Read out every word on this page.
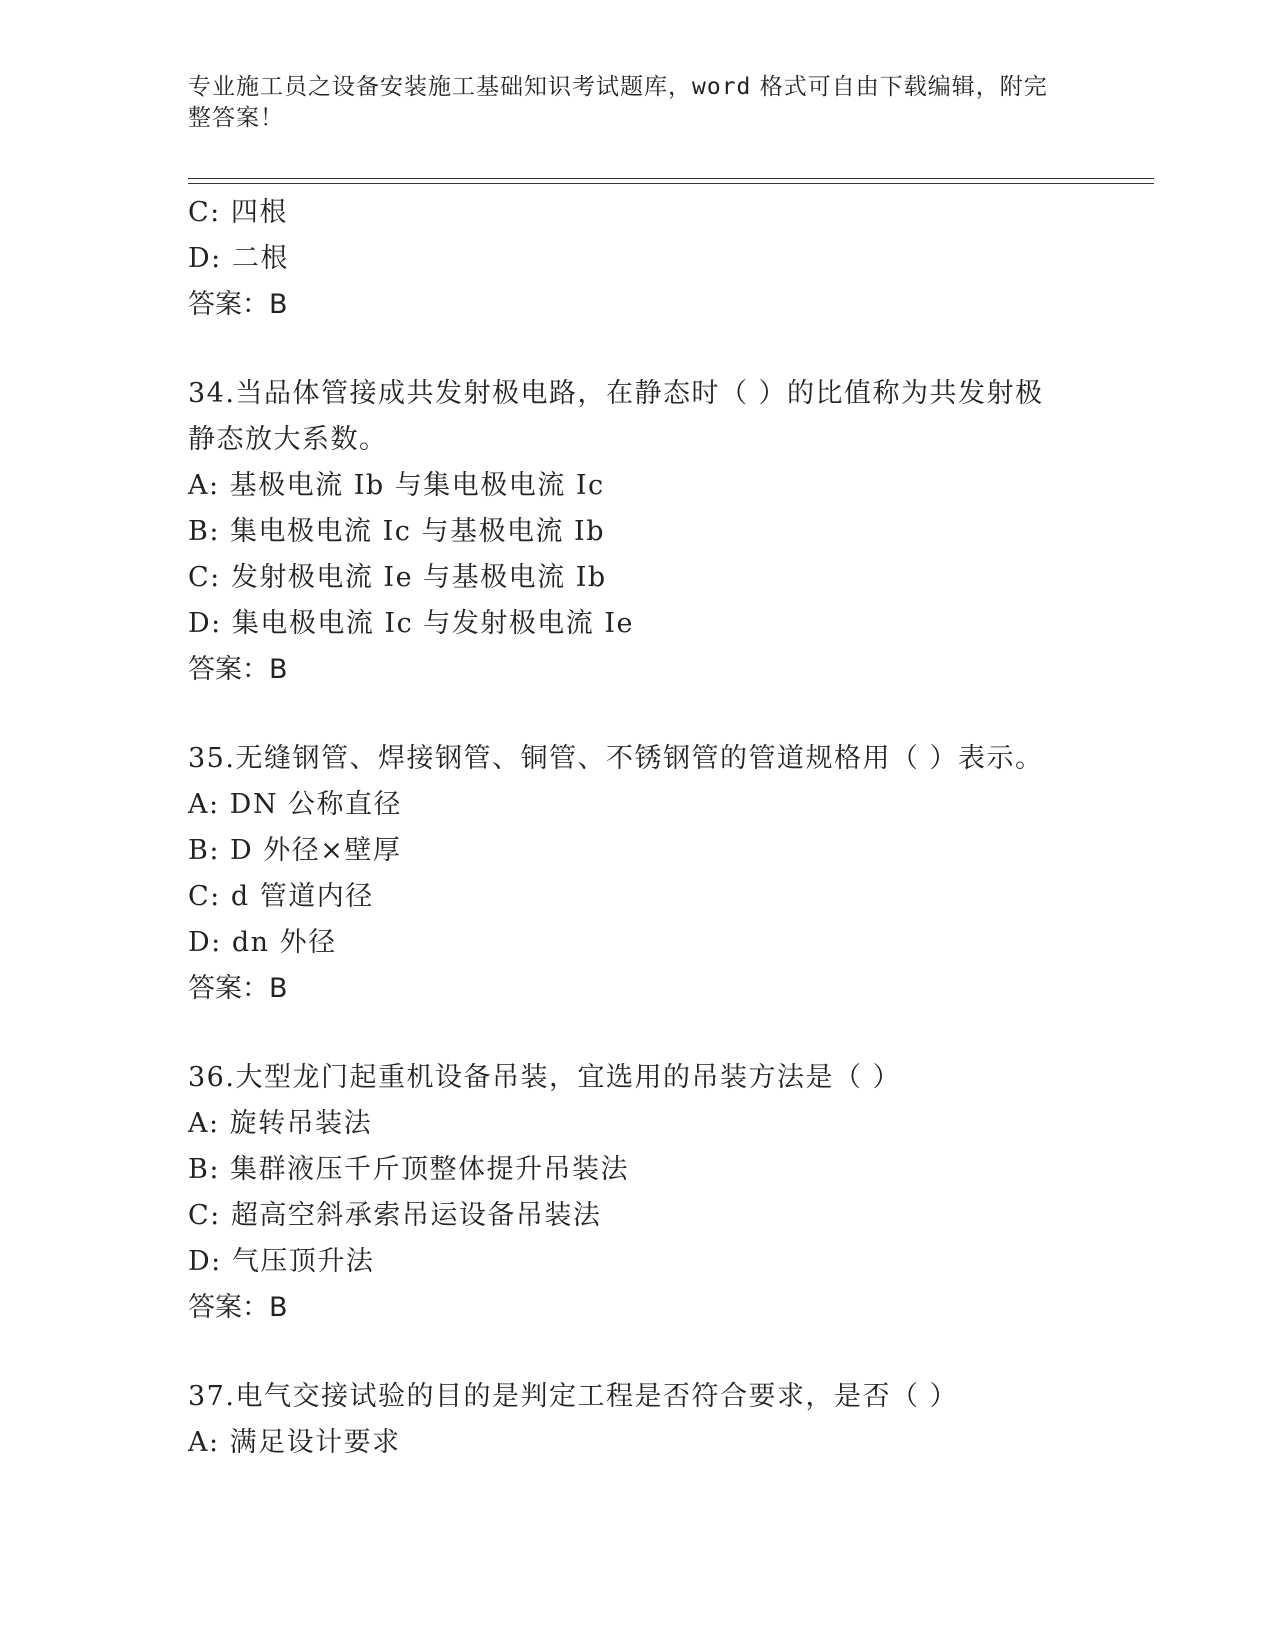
专业施工员之设备安装施工基础知识考试题库，word 格式可自由下载编辑，附完
整答案！
C: 四根
D: 二根
答案：B
34.当品体管接成共发射极电路，在静态时（ ）的比值称为共发射极
静态放大系数。
A: 基极电流 Ib 与集电极电流 Ic
B: 集电极电流 Ic 与基极电流 Ib
C: 发射极电流 Ie 与基极电流 Ib
D: 集电极电流 Ic 与发射极电流 Ie
答案：B
35.无缝钢管、焊接钢管、铜管、不锈钢管的管道规格用（ ）表示。
A: DN 公称直径
B: D 外径×壁厚
C: d 管道内径
D: dn 外径
答案：B
36.大型龙门起重机设备吊装，宜选用的吊装方法是（ ）
A: 旋转吊装法
B: 集群液压千斤顶整体提升吊装法
C: 超高空斜承索吊运设备吊装法
D: 气压顶升法
答案：B
37.电气交接试验的目的是判定工程是否符合要求，是否（ ）
A: 满足设计要求
